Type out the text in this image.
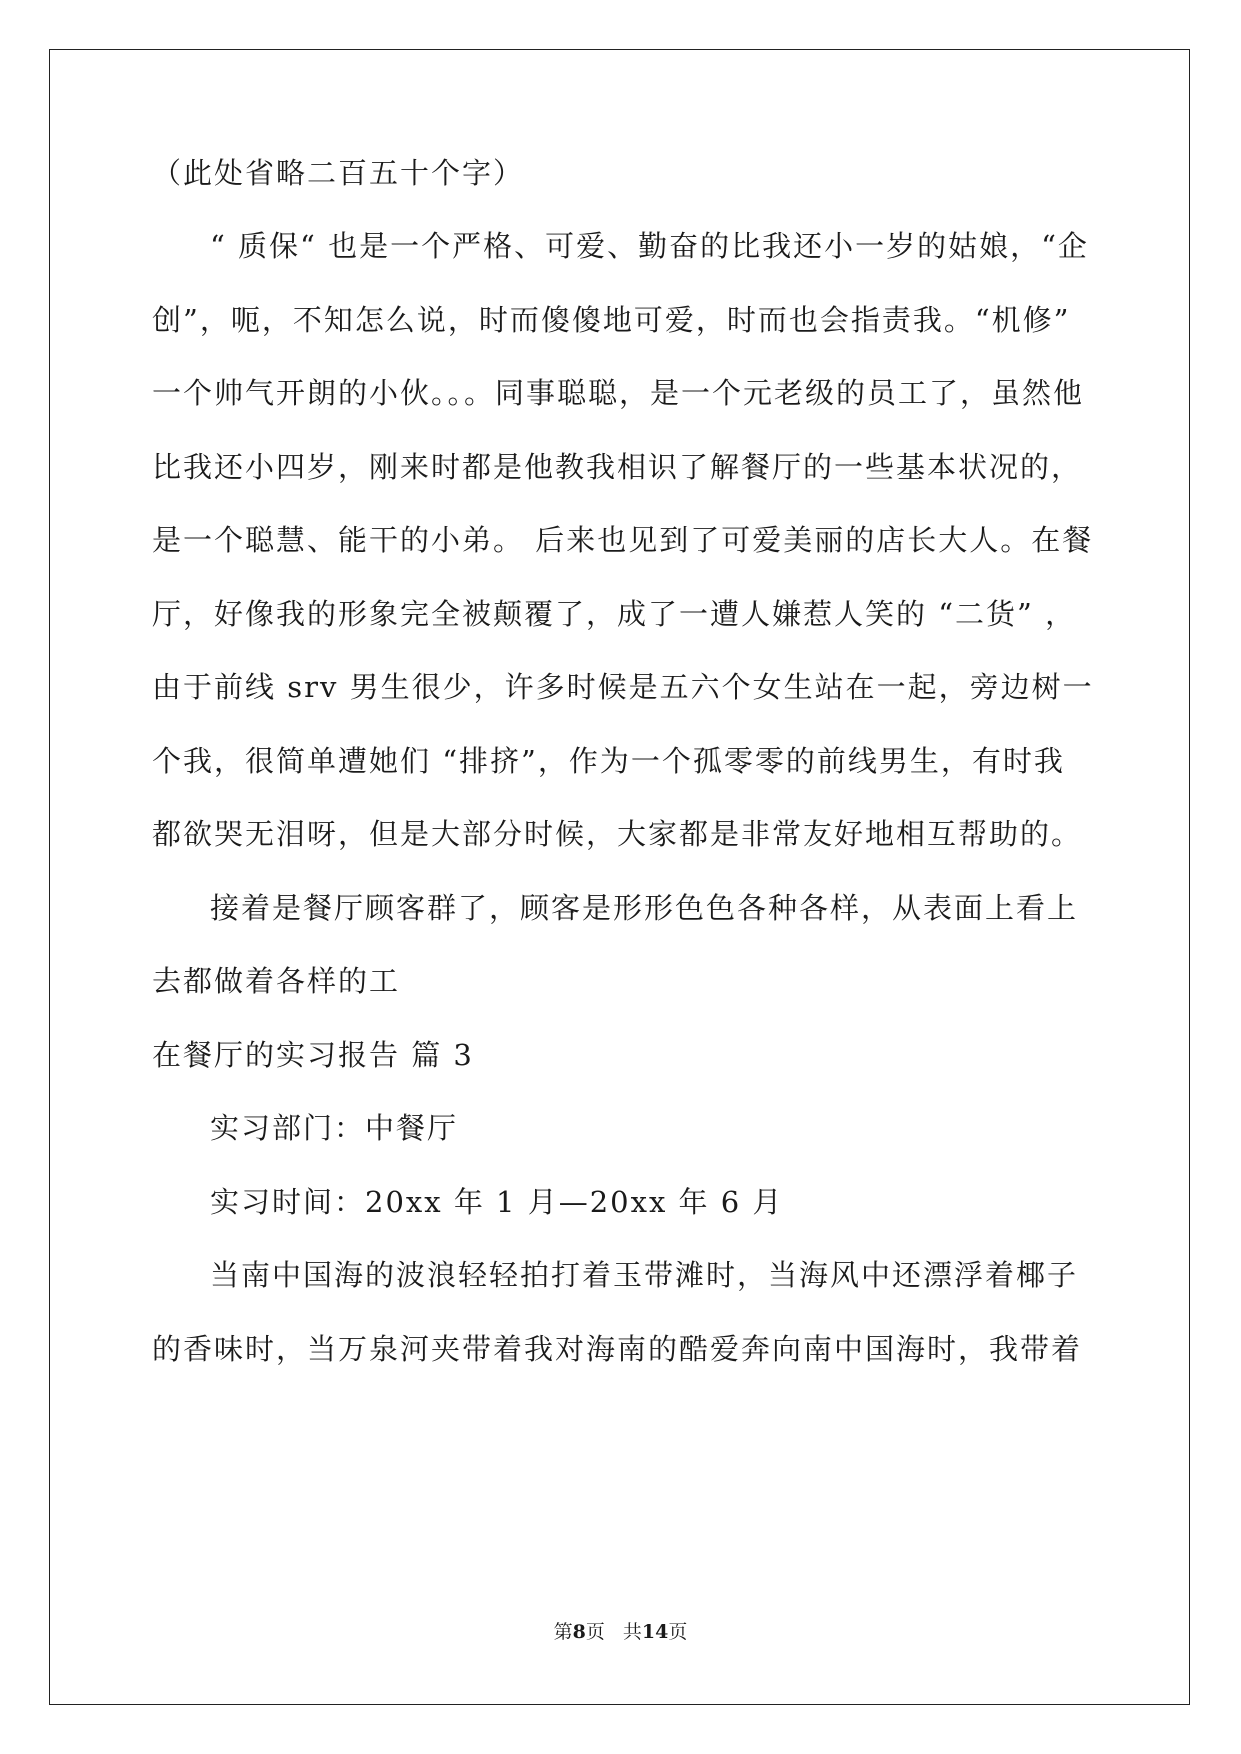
（此处省略二百五十个字）
“ 质保“ 也是一个严格、可爱、勤奋的比我还小一岁的姑娘，“企
创”，呃，不知怎么说，时而傻傻地可爱，时而也会指责我。“机修”
一个帅气开朗的小伙。。。同事聪聪，是一个元老级的员工了，虽然他
比我还小四岁，刚来时都是他教我相识了解餐厅的一些基本状况的，
是一个聪慧、能干的小弟。 后来也见到了可爱美丽的店长大人。在餐
厅，好像我的形象完全被颠覆了，成了一遭人嫌惹人笑的 “二货” ，
由于前线 srv 男生很少，许多时候是五六个女生站在一起，旁边树一
个我，很简单遭她们 “排挤”，作为一个孤零零的前线男生，有时我
都欲哭无泪呀，但是大部分时候，大家都是非常友好地相互帮助的。
接着是餐厅顾客群了，顾客是形形色色各种各样，从表面上看上
去都做着各样的工
在餐厅的实习报告 篇 3
实习部门：中餐厅
实习时间：20xx 年 1 月—20xx 年 6 月
当南中国海的波浪轻轻拍打着玉带滩时，当海风中还漂浮着椰子
的香味时，当万泉河夹带着我对海南的酷爱奔向南中国海时，我带着
第8页 共14页
